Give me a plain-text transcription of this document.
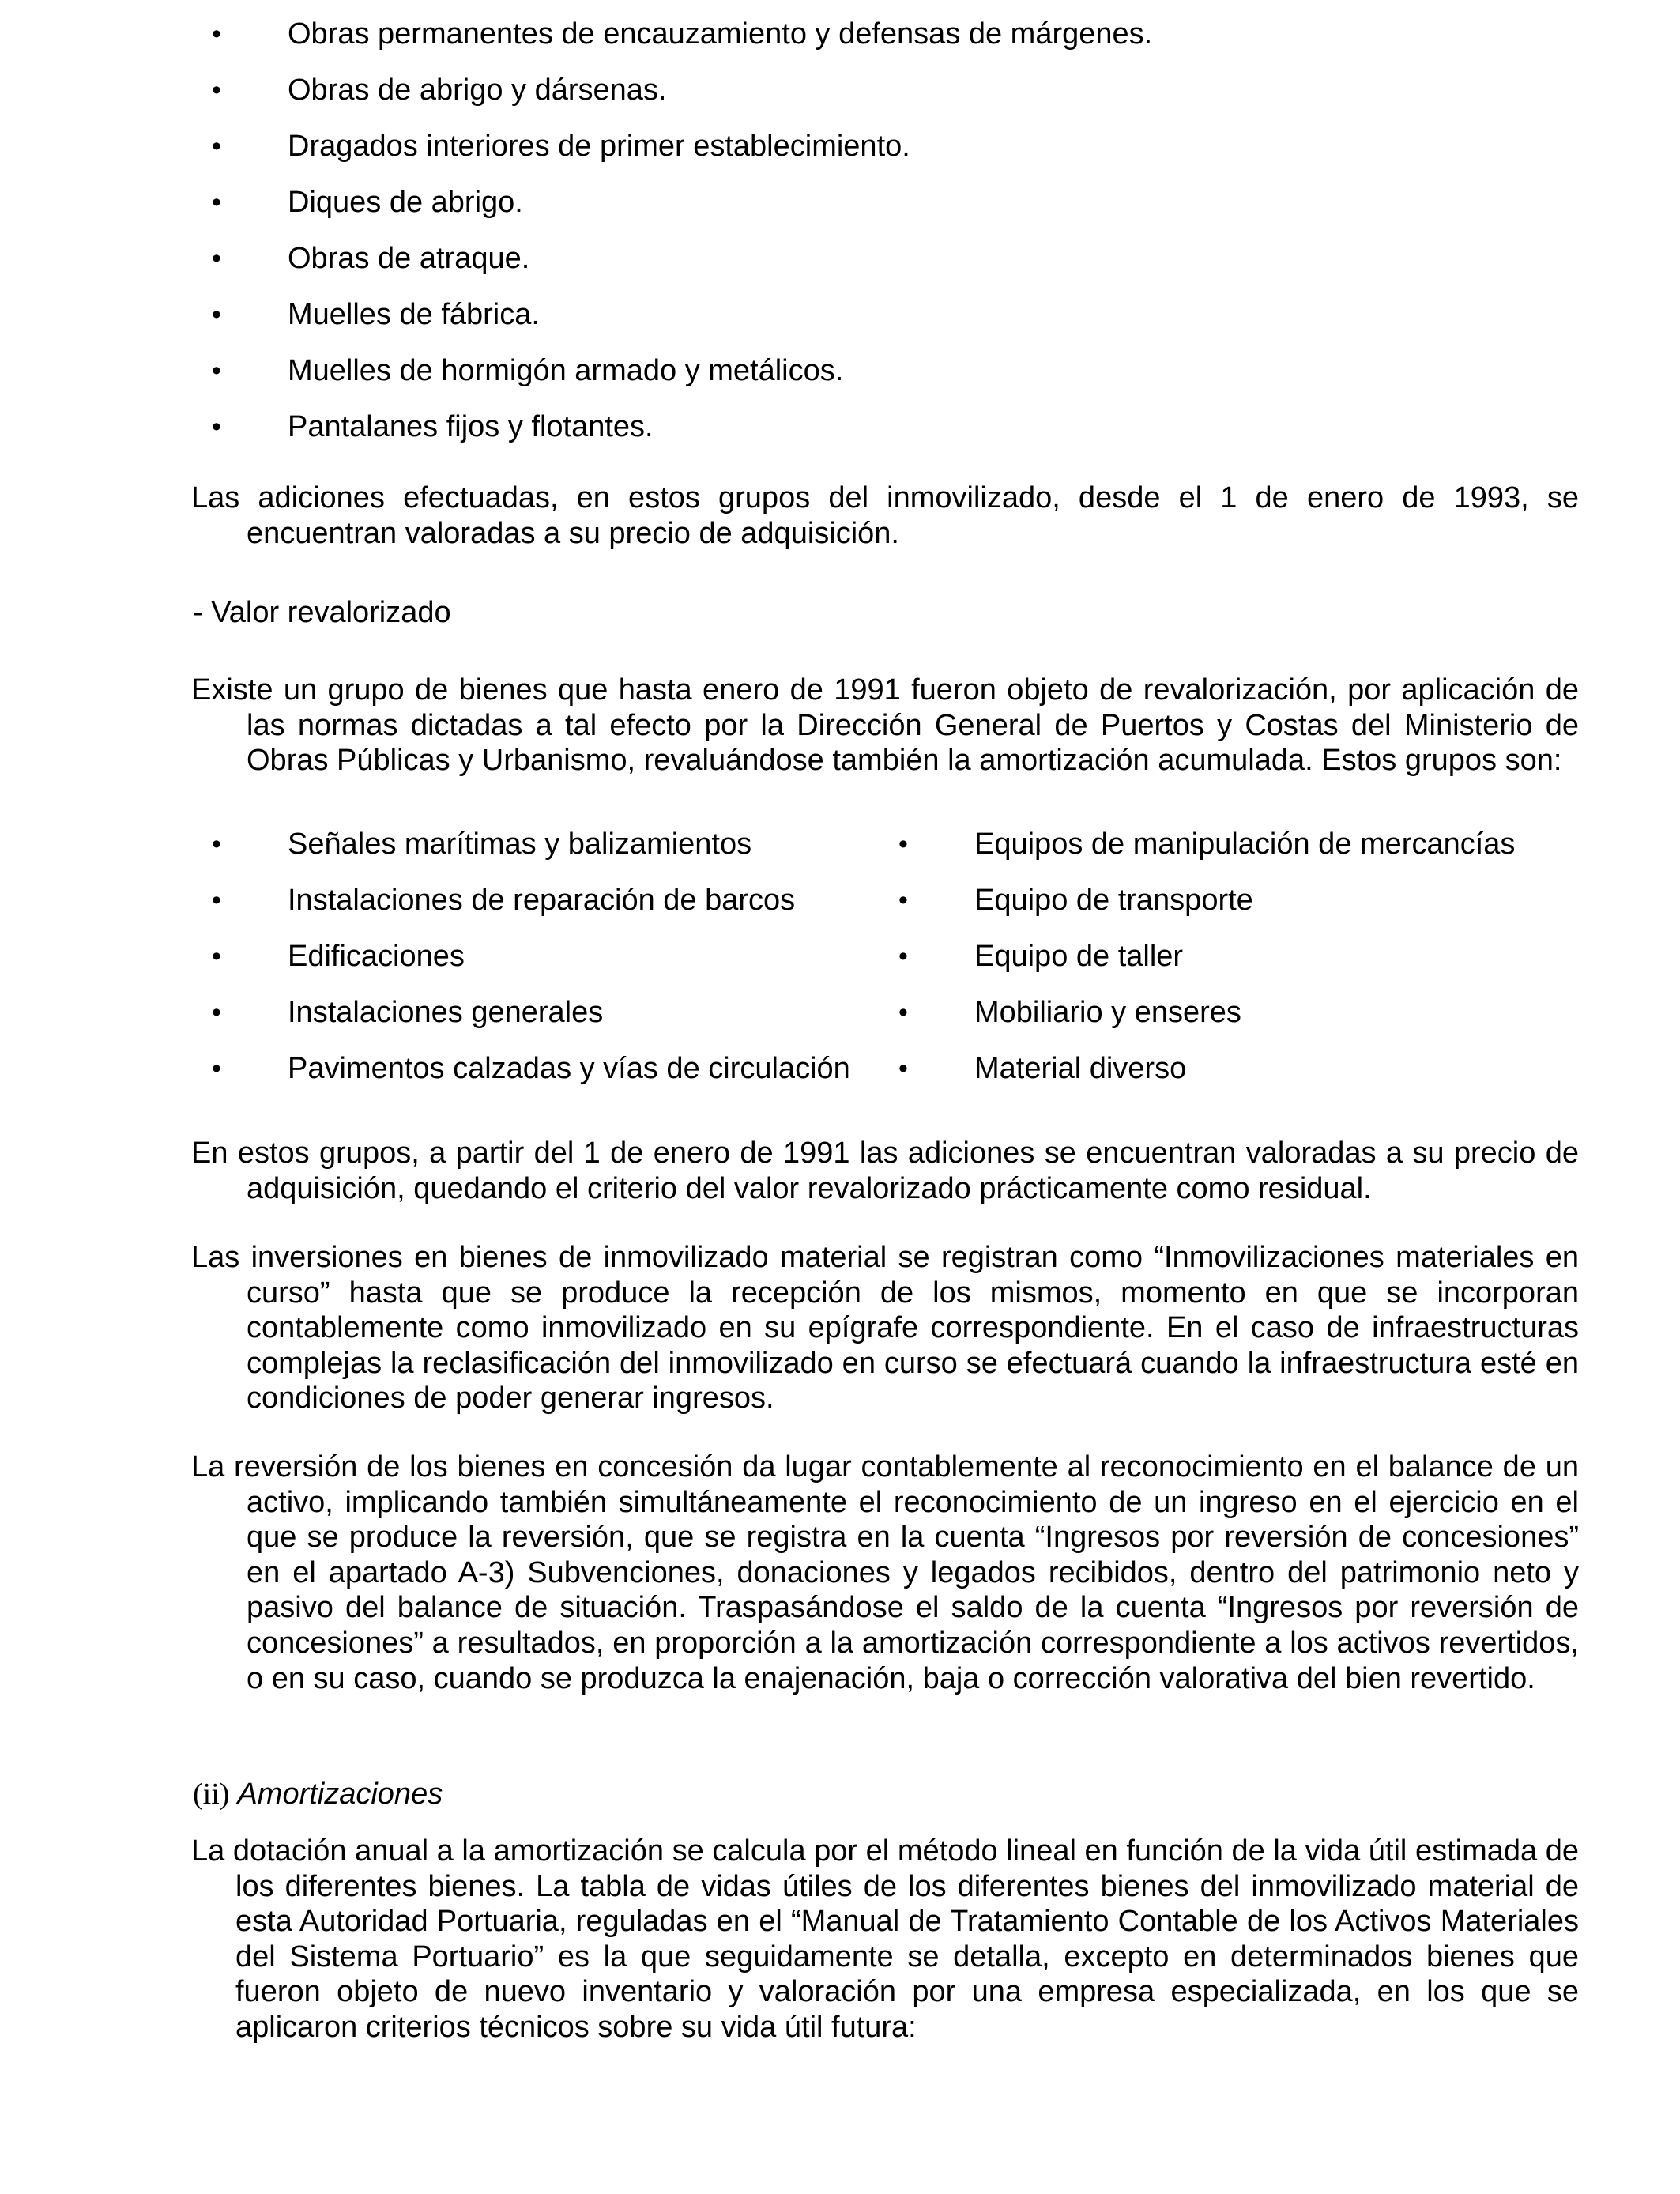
•	Obras permanentes de encauzamiento y defensas de márgenes.
•	Obras de abrigo y dársenas.
•	Dragados interiores de primer establecimiento.
•	Diques de abrigo.
•	Obras de atraque.
•	Muelles de fábrica.
•	Muelles de hormigón armado y metálicos.
•	Pantalanes fijos y flotantes.

Las adiciones efectuadas, en estos grupos del inmovilizado, desde el 1 de enero de 1993, se encuentran valoradas a su precio de adquisición.

- Valor revalorizado

Existe un grupo de bienes que hasta enero de 1991 fueron objeto de revalorización, por aplicación de las normas dictadas a tal efecto por la Dirección General de Puertos y Costas del Ministerio de Obras Públicas y Urbanismo, revaluándose también la amortización acumulada. Estos grupos son:

•	Señales marítimas y balizamientos
•	Instalaciones de reparación de barcos
•	Edificaciones
•	Instalaciones generales
•	Pavimentos calzadas y vías de circulación
•	Equipos de manipulación de mercancías
•	Equipo de transporte
•	Equipo de taller
•	Mobiliario y enseres
•	Material diverso

En estos grupos, a partir del 1 de enero de 1991 las adiciones se encuentran valoradas a su precio de adquisición, quedando el criterio del valor revalorizado prácticamente como residual.

Las inversiones en bienes de inmovilizado material se registran como “Inmovilizaciones materiales en curso” hasta que se produce la recepción de los mismos, momento en que se incorporan contablemente como inmovilizado en su epígrafe correspondiente. En el caso de infraestructuras complejas la reclasificación del inmovilizado en curso se efectuará cuando la infraestructura esté en condiciones de poder generar ingresos.

La reversión de los bienes en concesión da lugar contablemente al reconocimiento en el balance de un activo, implicando también simultáneamente el reconocimiento de un ingreso en el ejercicio en el que se produce la reversión, que se registra en la cuenta “Ingresos por reversión de concesiones” en el apartado A-3) Subvenciones, donaciones y legados recibidos, dentro del patrimonio neto y pasivo del balance de situación. Traspasándose el saldo de la cuenta “Ingresos por reversión de concesiones” a resultados, en proporción a la amortización correspondiente a los activos revertidos, o en su caso, cuando se produzca la enajenación, baja o corrección valorativa del bien revertido.

(ii) Amortizaciones

La dotación anual a la amortización se calcula por el método lineal en función de la vida útil estimada de los diferentes bienes. La tabla de vidas útiles de los diferentes bienes del inmovilizado material de esta Autoridad Portuaria, reguladas en el “Manual de Tratamiento Contable de los Activos Materiales del Sistema Portuario” es la que seguidamente se detalla, excepto en determinados bienes que fueron objeto de nuevo inventario y valoración por una empresa especializada, en los que se aplicaron criterios técnicos sobre su vida útil futura:
